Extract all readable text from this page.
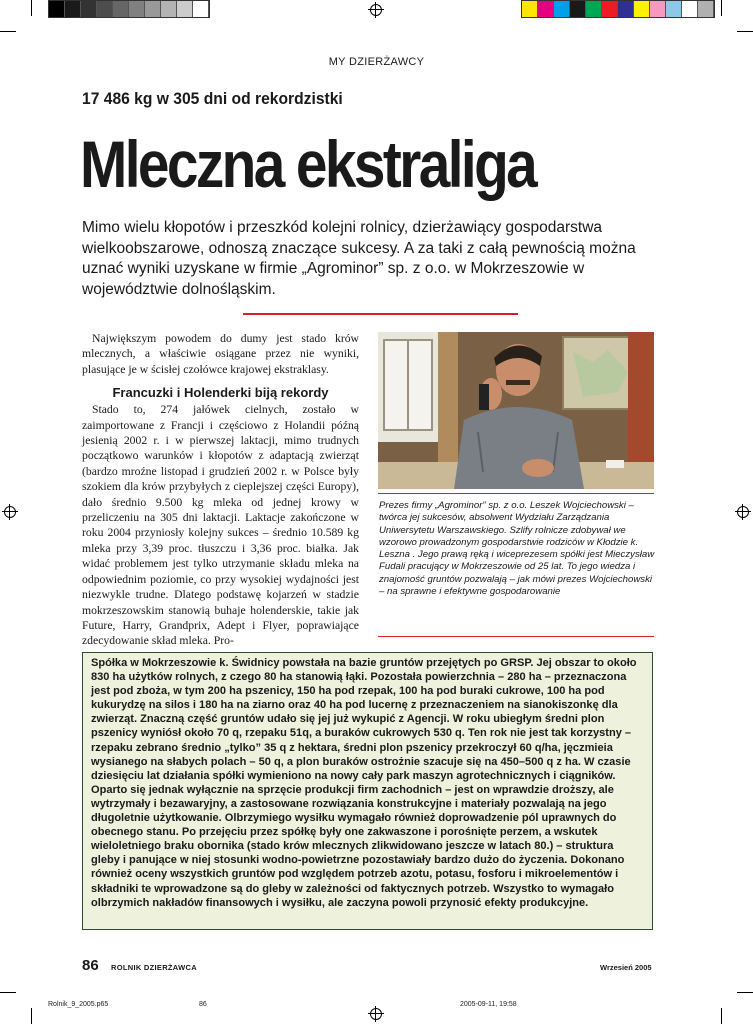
MY DZIERŻAWCY
17 486 kg w 305 dni od rekordzistki
Mleczna ekstraliga
Mimo wielu kłopotów i przeszkód kolejni rolnicy, dzierżawiący gospodarstwa wielkoobszarowe, odnoszą znaczące sukcesy. A za taki z całą pewnością można uznać wyniki uzyskane w firmie „Agrominor” sp. z o.o. w Mokrzeszowie w województwie dolnośląskim.

Największym powodem do dumy jest stado krów mlecznych, a właściwie osiągane przez nie wyniki, plasujące je w ścisłej czołówce krajowej ekstraklasy.

Francuzki i Holenderki biją rekordy

Stado to, 274 jałówek cielnych, zostało w zaimportowane z Francji i częściowo z Holandii późną jesienią 2002 r. i w pierwszej laktacji, mimo trudnych początkowo warunków i kłopotów z adaptacją zwierząt (bardzo mroźne listopad i grudzień 2002 r. w Polsce były szokiem dla krów przybyłych z cieplejszej części Europy), dało średnio 9.500 kg mleka od jednej krowy w przeliczeniu na 305 dni laktacji. Laktacje zakończone w roku 2004 przyniosły kolejny sukces – średnio 10.589 kg mleka przy 3,39 proc. tłuszczu i 3,36 proc. białka. Jak widać problemem jest tylko utrzymanie składu mleka na odpowiednim poziomie, co przy wysokiej wydajności jest niezwykle trudne. Dlatego podstawę kojarzeń w stadzie mokrzeszowskim stanowią buhaje holenderskie, takie jak Future, Harry, Grandprix, Adept i Flyer, poprawiające zdecydowanie skład mleka. Pro-

Prezes firmy „Agrominor” sp. z o.o. Leszek Wojciechowski – twórca jej sukcesów, absolwent Wydziału Zarządzania Uniwersytetu Warszawskiego. Szlify rolnicze zdobywał we wzorowo prowadzonym gospodarstwie rodziców w Kłodzie k. Leszna . Jego prawą ręką i wiceprezesem spółki jest Mieczysław Fudali pracujący w Mokrzeszowie od 25 lat. To jego wiedza i znajomość gruntów pozwalają – jak mówi prezes Wojciechowski – na sprawne i efektywne gospodarowanie

Spółka w Mokrzeszowie k. Świdnicy powstała na bazie gruntów przejętych po GRSP. Jej obszar to około 830 ha użytków rolnych, z czego 80 ha stanowią łąki. Pozostała powierzchnia – 280 ha – przeznaczona jest pod zboża, w tym 200 ha pszenicy, 150 ha pod rzepak, 100 ha pod buraki cukrowe, 100 ha pod kukurydzę na silos i 180 ha na ziarno oraz 40 ha pod lucernę z przeznaczeniem na sianokiszonkę dla zwierząt. Znaczną część gruntów udało się jej już wykupić z Agencji. W roku ubiegłym średni plon pszenicy wyniósł około 70 q, rzepaku 51q, a buraków cukrowych 530 q. Ten rok nie jest tak korzystny – rzepaku zebrano średnio „tylko” 35 q z hektara, średni plon pszenicy przekroczył 60 q/ha, jęczmieia wysianego na słabych polach – 50 q, a plon buraków ostrożnie szacuje się na 450–500 q z ha. W czasie dziesięciu lat działania spółki wymieniono na nowy cały park maszyn agrotechnicznych i ciągników. Oparto się jednak wyłącznie na sprzęcie produkcji firm zachodnich – jest on wprawdzie droższy, ale wytrzymały i bezawaryjny, a zastosowane rozwiązania konstrukcyjne i materiały pozwalają na jego długoletnie użytkowanie. Olbrzymiego wysiłku wymagało również doprowadzenie pól uprawnych do obecnego stanu. Po przejęciu przez spółkę były one zakwaszone i porośnięte perzem, a wskutek wieloletniego braku obornika (stado krów mlecznych zlikwidowano jeszcze w latach 80.) – struktura gleby i panujące w niej stosunki wodno-powietrzne pozostawiały bardzo dużo do życzenia. Dokonano również oceny wszystkich gruntów pod względem potrzeb azotu, potasu, fosforu i mikroelementów i składniki te wprowadzone są do gleby w zależności od faktycznych potrzeb. Wszystko to wymagało olbrzymich nakładów finansowych i wysiłku, ale zaczyna powoli przynosić efekty produkcyjne.

86 ROLNIK DZIERŻAWCA	Wrzesień 2005
Rolnik_9_2005.p65	86	2005-09-11, 19:58
